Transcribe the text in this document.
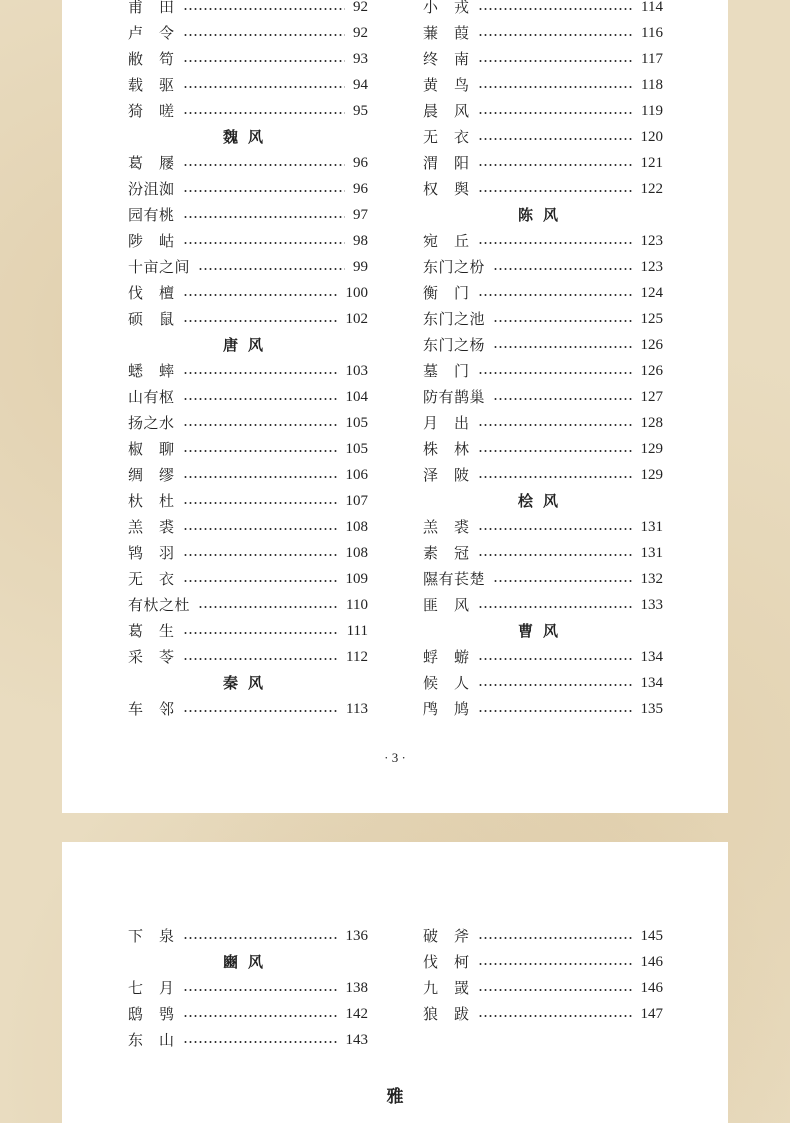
甫　田	92
卢　令	92
敝　笱	93
载　驱	94
猗　嗟	95
魏风
葛　屦	96
汾沮洳	96
园有桃	97
陟　岵	98
十亩之间	99
伐　檀	100
硕　鼠	102
唐风
蟋　蟀	103
山有枢	104
扬之水	105
椒　聊	105
绸　缪	106
杕　杜	107
羔　裘	108
鸨　羽	108
无　衣	109
有杕之杜	110
葛　生	111
采　苓	112
秦风
车　邻	113
小　戎	114
蒹　葭	116
终　南	117
黄　鸟	118
晨　风	119
无　衣	120
渭　阳	121
权　舆	122
陈风
宛　丘	123
东门之枌	123
衡　门	124
东门之池	125
东门之杨	126
墓　门	126
防有鹊巢	127
月　出	128
株　林	129
泽　陂	129
桧风
羔　裘	131
素　冠	131
隰有苌楚	132
匪　风	133
曹风
蜉　蝣	134
候　人	134
鸤　鸠	135
· 3 ·
下　泉	136
豳风
七　月	138
鸱　鸮	142
东　山	143
破　斧	145
伐　柯	146
九　罭	146
狼　跋	147
雅
